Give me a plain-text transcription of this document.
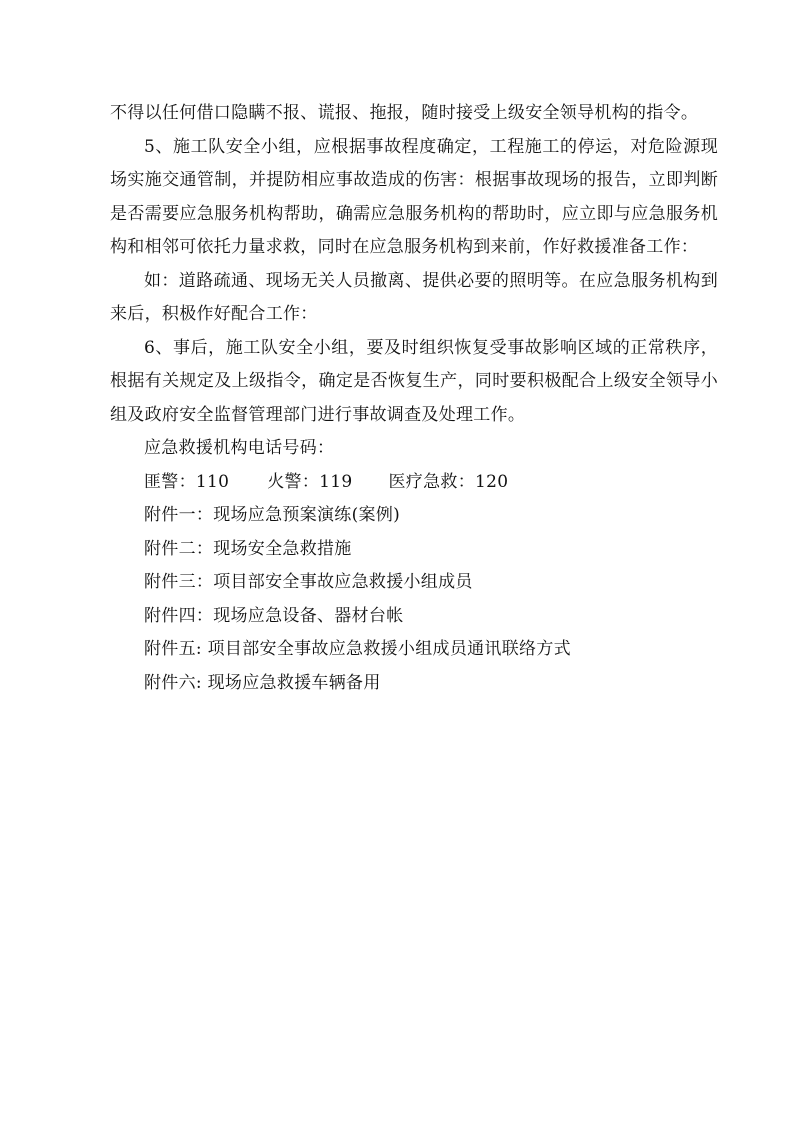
不得以任何借口隐瞒不报、谎报、拖报，随时接受上级安全领导机构的指令。

5、施工队安全小组，应根据事故程度确定，工程施工的停运，对危险源现场实施交通管制，并提防相应事故造成的伤害：根据事故现场的报告，立即判断是否需要应急服务机构帮助，确需应急服务机构的帮助时，应立即与应急服务机构和相邻可依托力量求救，同时在应急服务机构到来前，作好救援准备工作：

如：道路疏通、现场无关人员撤离、提供必要的照明等。在应急服务机构到来后，积极作好配合工作：

6、事后，施工队安全小组，要及时组织恢复受事故影响区域的正常秩序，根据有关规定及上级指令，确定是否恢复生产，同时要积极配合上级安全领导小组及政府安全监督管理部门进行事故调查及处理工作。

应急救援机构电话号码：

匪警：110 火警：119 医疗急救：120

附件一：现场应急预案演练(案例)

附件二：现场安全急救措施

附件三：项目部安全事故应急救援小组成员

附件四：现场应急设备、器材台帐

附件五: 项目部安全事故应急救援小组成员通讯联络方式

附件六: 现场应急救援车辆备用
